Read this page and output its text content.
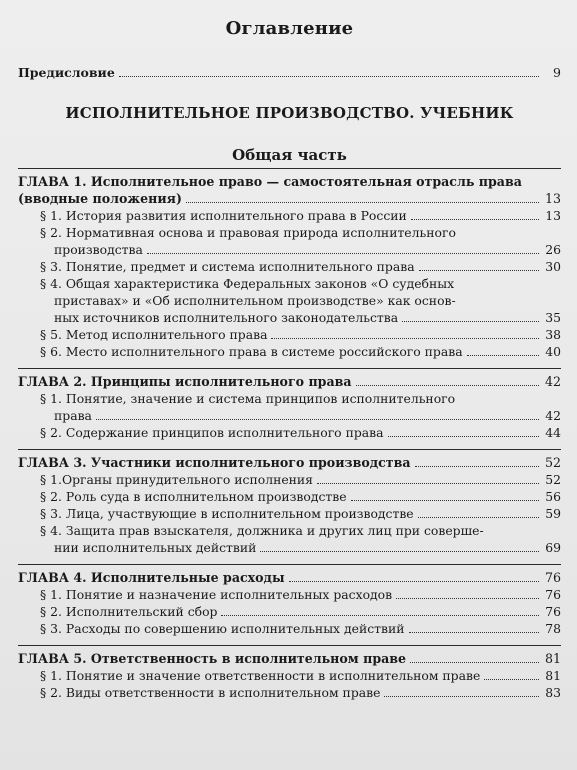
Оглавление
Предисловие	9
ИСПОЛНИТЕЛЬНОЕ ПРОИЗВОДСТВО. УЧЕБНИК
Общая часть
ГЛАВА 1. Исполнительное право — самостоятельная отрасль права
(вводные положения)	13
§ 1. История развития исполнительного права в России	13
§ 2. Нормативная основа и правовая природа исполнительного
производства	26
§ 3. Понятие, предмет и система исполнительного права	30
§ 4. Общая характеристика Федеральных законов «О судебных
приставах» и «Об исполнительном производстве» как основ-
ных источников исполнительного законодательства	35
§ 5. Метод исполнительного права	38
§ 6. Место исполнительного права в системе российского права	40
ГЛАВА 2. Принципы исполнительного права	42
§ 1. Понятие, значение и система принципов исполнительного
права	42
§ 2. Содержание принципов исполнительного права	44
ГЛАВА 3. Участники исполнительного производства	52
§ 1.Органы принудительного исполнения	52
§ 2. Роль суда в исполнительном производстве	56
§ 3. Лица, участвующие в исполнительном производстве	59
§ 4. Защита прав взыскателя, должника и других лиц при соверше-
нии исполнительных действий	69
ГЛАВА 4. Исполнительные расходы	76
§ 1. Понятие и назначение исполнительных расходов	76
§ 2. Исполнительский сбор	76
§ 3. Расходы по совершению исполнительных действий	78
ГЛАВА 5. Ответственность в исполнительном праве	81
§ 1. Понятие и значение ответственности в исполнительном праве	81
§ 2. Виды ответственности в исполнительном праве	83
